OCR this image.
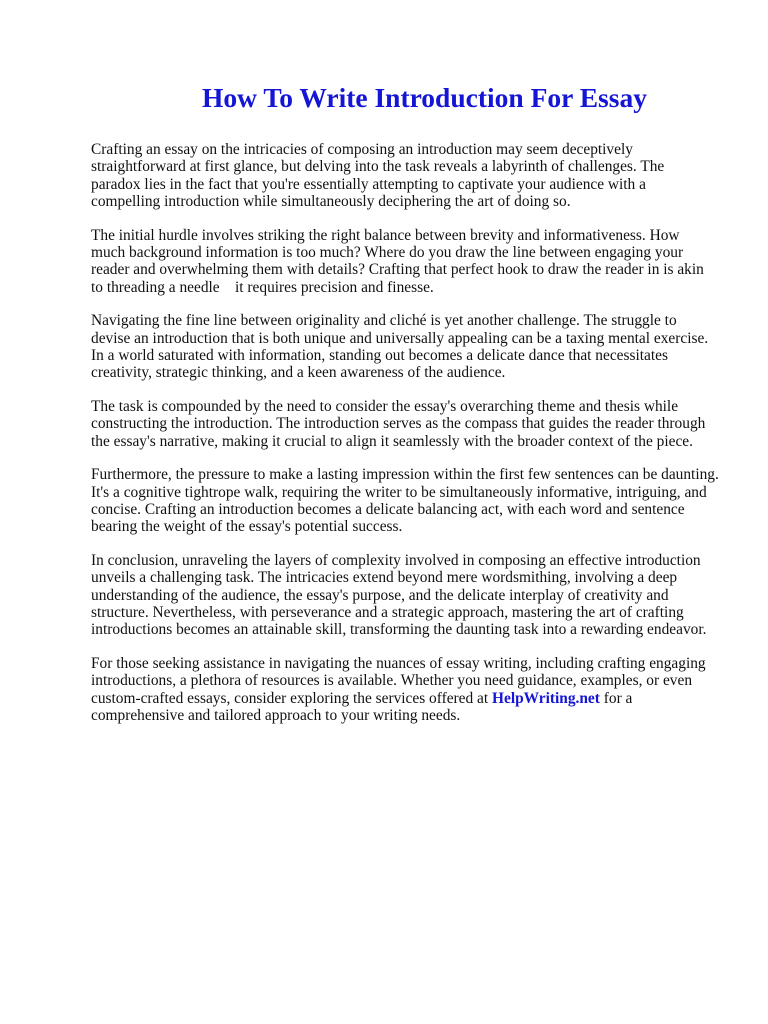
How To Write Introduction For Essay

Crafting an essay on the intricacies of composing an introduction may seem deceptively
straightforward at first glance, but delving into the task reveals a labyrinth of challenges. The
paradox lies in the fact that you're essentially attempting to captivate your audience with a
compelling introduction while simultaneously deciphering the art of doing so.

The initial hurdle involves striking the right balance between brevity and informativeness. How
much background information is too much? Where do you draw the line between engaging your
reader and overwhelming them with details? Crafting that perfect hook to draw the reader in is akin
to threading a needle    it requires precision and finesse.

Navigating the fine line between originality and cliché is yet another challenge. The struggle to
devise an introduction that is both unique and universally appealing can be a taxing mental exercise.
In a world saturated with information, standing out becomes a delicate dance that necessitates
creativity, strategic thinking, and a keen awareness of the audience.

The task is compounded by the need to consider the essay's overarching theme and thesis while
constructing the introduction. The introduction serves as the compass that guides the reader through
the essay's narrative, making it crucial to align it seamlessly with the broader context of the piece.

Furthermore, the pressure to make a lasting impression within the first few sentences can be daunting.
It's a cognitive tightrope walk, requiring the writer to be simultaneously informative, intriguing, and
concise. Crafting an introduction becomes a delicate balancing act, with each word and sentence
bearing the weight of the essay's potential success.

In conclusion, unraveling the layers of complexity involved in composing an effective introduction
unveils a challenging task. The intricacies extend beyond mere wordsmithing, involving a deep
understanding of the audience, the essay's purpose, and the delicate interplay of creativity and
structure. Nevertheless, with perseverance and a strategic approach, mastering the art of crafting
introductions becomes an attainable skill, transforming the daunting task into a rewarding endeavor.

For those seeking assistance in navigating the nuances of essay writing, including crafting engaging
introductions, a plethora of resources is available. Whether you need guidance, examples, or even
custom-crafted essays, consider exploring the services offered at HelpWriting.net for a
comprehensive and tailored approach to your writing needs.
